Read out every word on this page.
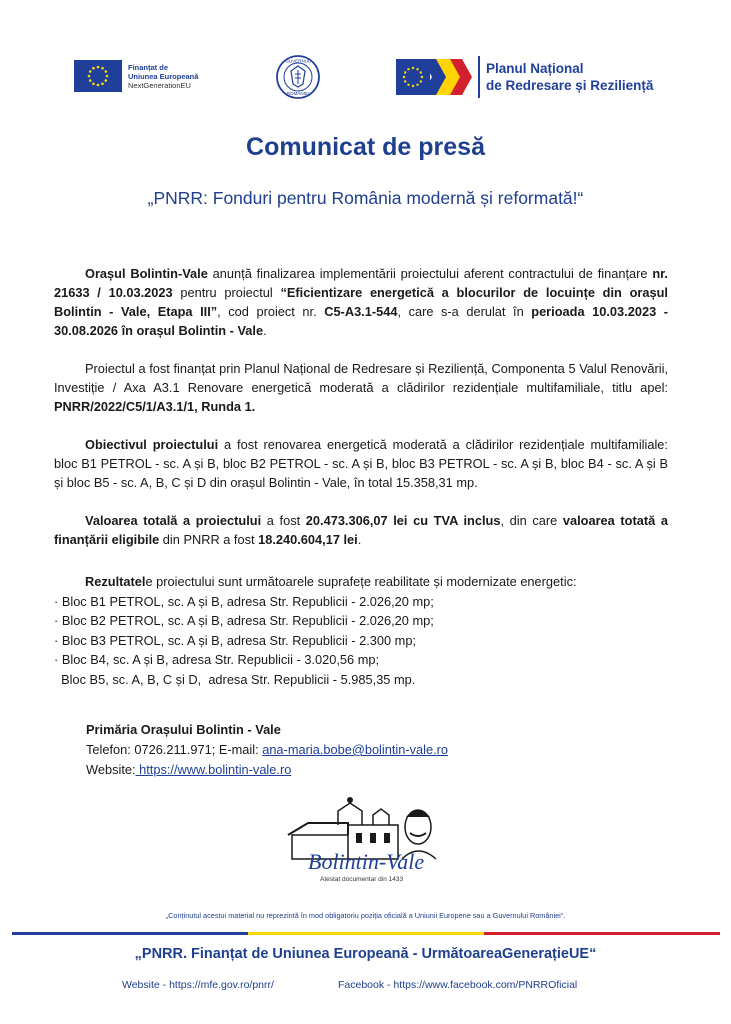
Finanțat de
Uniunea Europeană
NextGenerationEU
GUVERNUL
ROMÂNIEI
Planul Național
de Redresare și Reziliență
Comunicat de presă
„PNRR: Fonduri pentru România modernă și reformată!“

Orașul Bolintin-Vale anunță finalizarea implementării proiectului aferent contractului de finanțare nr. 21633 / 10.03.2023 pentru proiectul “Eficientizare energetică a blocurilor de locuințe din orașul Bolintin - Vale, Etapa III”, cod proiect nr. C5-A3.1-544, care s-a derulat în perioada 10.03.2023 - 30.08.2026 în orașul Bolintin - Vale.

Proiectul a fost finanțat prin Planul Național de Redresare și Reziliență, Componenta 5 Valul Renovării, Investiție / Axa A3.1 Renovare energetică moderată a clădirilor rezidențiale multifamiliale, titlu apel: PNRR/2022/C5/1/A3.1/1, Runda 1.

Obiectivul proiectului a fost renovarea energetică moderată a clădirilor rezidențiale multifamiliale: bloc B1 PETROL - sc. A și B, bloc B2 PETROL - sc. A și B, bloc B3 PETROL - sc. A și B, bloc B4 - sc. A și B și bloc B5 - sc. A, B, C și D din orașul Bolintin - Vale, în total 15.358,31 mp.

Valoarea totală a proiectului a fost 20.473.306,07 lei cu TVA inclus, din care valoarea totată a finanțării eligibile din PNRR a fost 18.240.604,17 lei.

Rezultatele proiectului sunt următoarele suprafețe reabilitate și modernizate energetic:
· Bloc B1 PETROL, sc. A și B, adresa Str. Republicii - 2.026,20 mp;
· Bloc B2 PETROL, sc. A și B, adresa Str. Republicii - 2.026,20 mp;
· Bloc B3 PETROL, sc. A și B, adresa Str. Republicii - 2.300 mp;
· Bloc B4, sc. A și B, adresa Str. Republicii - 3.020,56 mp;
Bloc B5, sc. A, B, C și D,  adresa Str. Republicii - 5.985,35 mp.
Primăria Orașului Bolintin - Vale
Telefon: 0726.211.971; E-mail: ana-maria.bobe@bolintin-vale.ro
Website: https://www.bolintin-vale.ro
Bolintin-Vale
Atestat documentar din 1433
„Conținutul acestui material nu reprezintă în mod obligatoriu poziția oficială a Uniunii Europene sau a Guvernului României“.
„PNRR. Finanțat de Uniunea Europeană - UrmătoareaGenerațieUE“
Website - https://mfe.gov.ro/pnrr/	Facebook - https://www.facebook.com/PNRROficial
